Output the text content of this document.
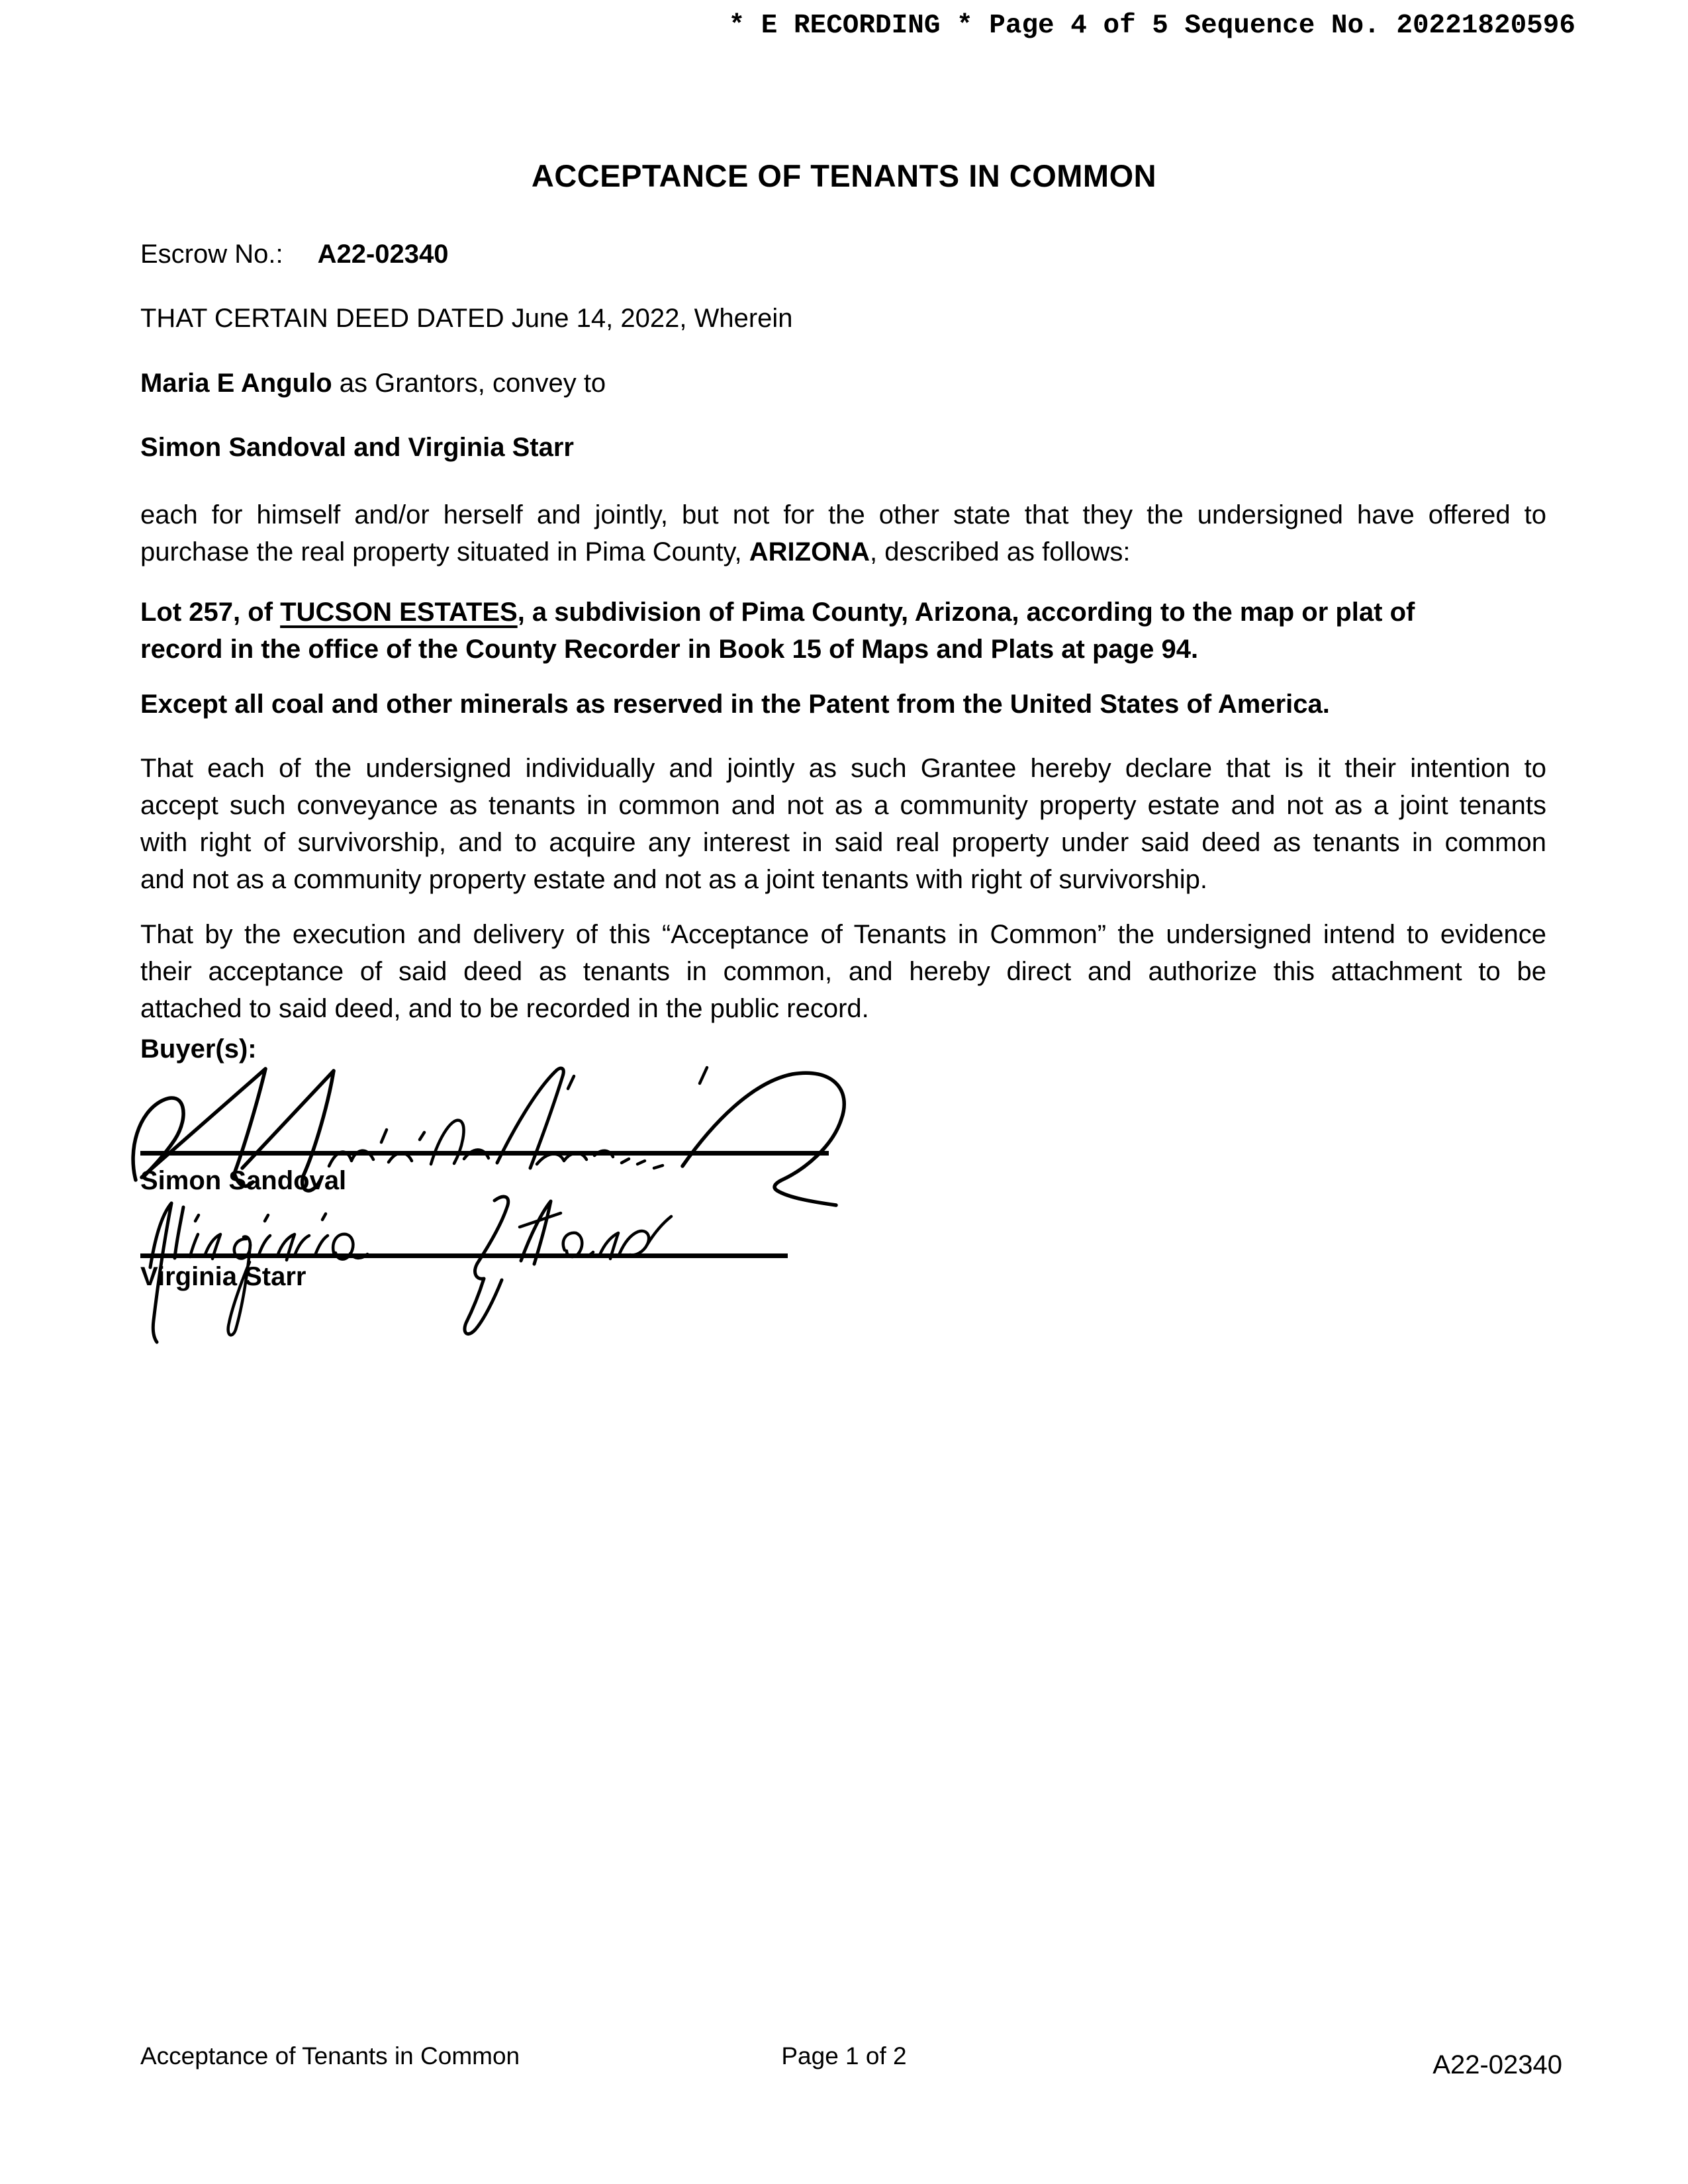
* E RECORDING * Page 4 of 5 Sequence No. 20221820596
ACCEPTANCE OF TENANTS IN COMMON
Escrow No.: A22-02340
THAT CERTAIN DEED DATED June 14, 2022, Wherein
Maria E Angulo as Grantors, convey to
Simon Sandoval and Virginia Starr
each for himself and/or herself and jointly, but not for the other state that they the undersigned have offered to
purchase the real property situated in Pima County, ARIZONA, described as follows:
Lot 257, of TUCSON ESTATES, a subdivision of Pima County, Arizona, according to the map or plat of
record in the office of the County Recorder in Book 15 of Maps and Plats at page 94.
Except all coal and other minerals as reserved in the Patent from the United States of America.
That each of the undersigned individually and jointly as such Grantee hereby declare that is it their intention to
accept such conveyance as tenants in common and not as a community property estate and not as a joint tenants
with right of survivorship, and to acquire any interest in said real property under said deed as tenants in common
and not as a community property estate and not as a joint tenants with right of survivorship.
That by the execution and delivery of this “Acceptance of Tenants in Common” the undersigned intend to evidence
their acceptance of said deed as tenants in common, and hereby direct and authorize this attachment to be
attached to said deed, and to be recorded in the public record.
Buyer(s):
Simon Sandoval
Virginia Starr
Acceptance of Tenants in Common	Page 1 of 2	A22-02340
